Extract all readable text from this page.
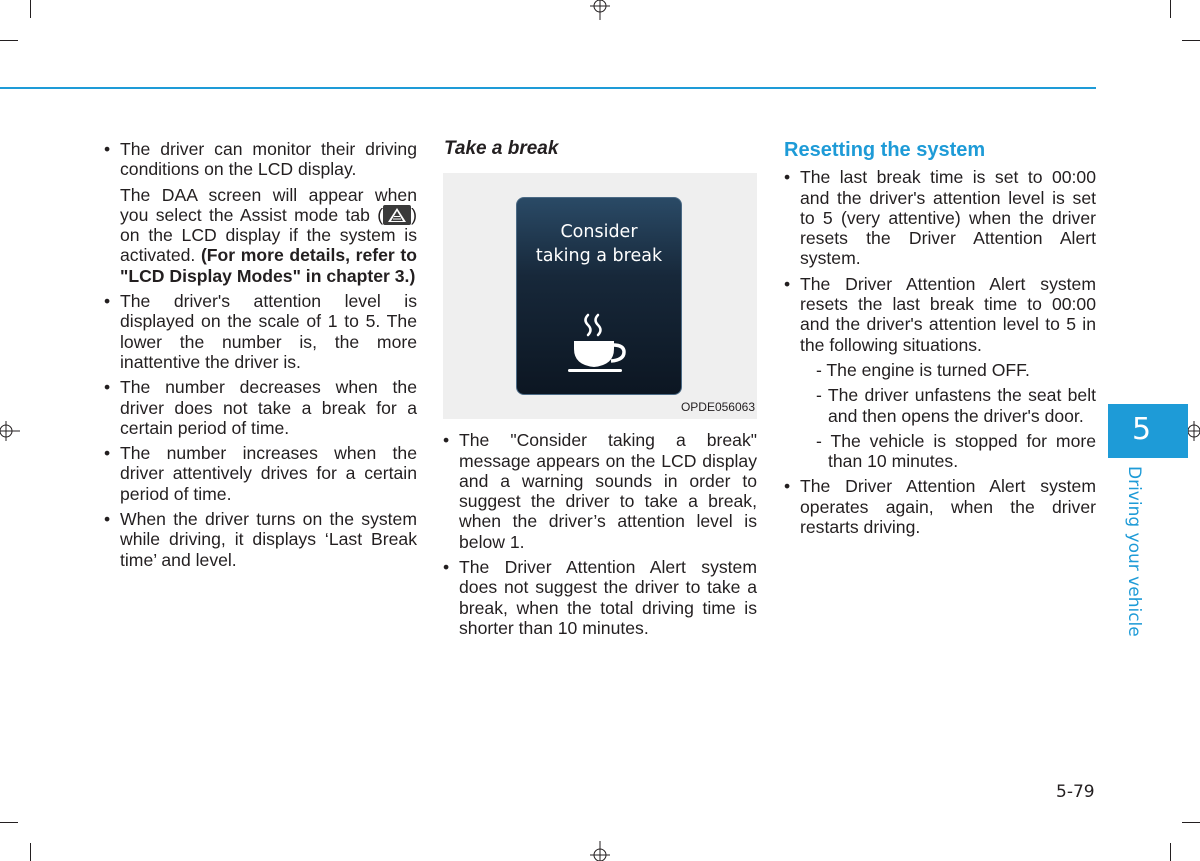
• The driver can monitor their driving conditions on the LCD display.
The DAA screen will appear when you select the Assist mode tab ( ) on the LCD display if the system is activated. (For more details, refer to "LCD Display Modes" in chapter 3.)
• The driver's attention level is displayed on the scale of 1 to 5. The lower the number is, the more inattentive the driver is.
• The number decreases when the driver does not take a break for a certain period of time.
• The number increases when the driver attentively drives for a certain period of time.
• When the driver turns on the system while driving, it displays ‘Last Break time’ and level.
Take a break
Consider
taking a break
OPDE056063
• The "Consider taking a break" message appears on the LCD display and a warning sounds in order to suggest the driver to take a break, when the driver’s attention level is below 1.
• The Driver Attention Alert system does not suggest the driver to take a break, when the total driving time is shorter than 10 minutes.
Resetting the system
• The last break time is set to 00:00 and the driver's attention level is set to 5 (very attentive) when the driver resets the Driver Attention Alert system.
• The Driver Attention Alert system resets the last break time to 00:00 and the driver's attention level to 5 in the following situations.
- The engine is turned OFF.
- The driver unfastens the seat belt and then opens the driver's door.
- The vehicle is stopped for more than 10 minutes.
• The Driver Attention Alert system operates again, when the driver restarts driving.
5
Driving your vehicle
5-79
